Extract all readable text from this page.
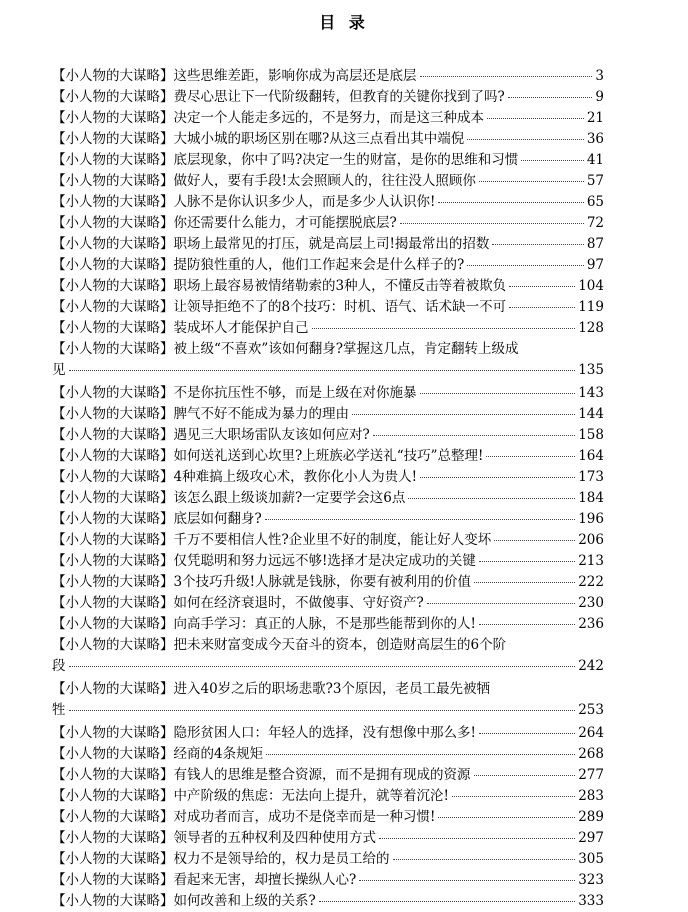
目 录
【小人物的大谋略】这些思维差距，影响你成为高层还是底层	3
【小人物的大谋略】费尽心思让下一代阶级翻转，但教育的关键你找到了吗?	9
【小人物的大谋略】决定一个人能走多远的，不是努力，而是这三种成本	21
【小人物的大谋略】大城小城的职场区别在哪?从这三点看出其中端倪	36
【小人物的大谋略】底层现象，你中了吗?决定一生的财富，是你的思维和习惯	41
【小人物的大谋略】做好人，要有手段!太会照顾人的，往往没人照顾你	57
【小人物的大谋略】人脉不是你认识多少人，而是多少人认识你!	65
【小人物的大谋略】你还需要什么能力，才可能摆脱底层?	72
【小人物的大谋略】职场上最常见的打压，就是高层上司!揭最常出的招数	87
【小人物的大谋略】提防狼性重的人，他们工作起来会是什么样子的?	97
【小人物的大谋略】职场上最容易被情绪勒索的3种人，不懂反击等着被欺负	104
【小人物的大谋略】让领导拒绝不了的8个技巧：时机、语气、话术缺一不可	119
【小人物的大谋略】装成坏人才能保护自己	128
【小人物的大谋略】被上级“不喜欢”该如何翻身?掌握这几点，肯定翻转上级成
见	135
【小人物的大谋略】不是你抗压性不够，而是上级在对你施暴	143
【小人物的大谋略】脾气不好不能成为暴力的理由	144
【小人物的大谋略】遇见三大职场雷队友该如何应对?	158
【小人物的大谋略】如何送礼送到心坎里?上班族必学送礼“技巧”总整理!	164
【小人物的大谋略】4种难搞上级攻心术，教你化小人为贵人!	173
【小人物的大谋略】该怎么跟上级谈加薪?一定要学会这6点	184
【小人物的大谋略】底层如何翻身?	196
【小人物的大谋略】千万不要相信人性?企业里不好的制度，能让好人变坏	206
【小人物的大谋略】仅凭聪明和努力远远不够!选择才是决定成功的关键	213
【小人物的大谋略】3个技巧升级!人脉就是钱脉，你要有被利用的价值	222
【小人物的大谋略】如何在经济衰退时，不做傻事、守好资产?	230
【小人物的大谋略】向高手学习：真正的人脉，不是那些能帮到你的人!	236
【小人物的大谋略】把未来财富变成今天奋斗的资本，创造财高层生的6个阶
段	242
【小人物的大谋略】进入40岁之后的职场悲歌?3个原因，老员工最先被牺
牲	253
【小人物的大谋略】隐形贫困人口：年轻人的选择，没有想像中那么多!	264
【小人物的大谋略】经商的4条规矩	268
【小人物的大谋略】有钱人的思维是整合资源，而不是拥有现成的资源	277
【小人物的大谋略】中产阶级的焦虑：无法向上提升，就等着沉沦!	283
【小人物的大谋略】对成功者而言，成功不是侥幸而是一种习惯!	289
【小人物的大谋略】领导者的五种权利及四种使用方式	297
【小人物的大谋略】权力不是领导给的，权力是员工给的	305
【小人物的大谋略】看起来无害，却擅长操纵人心?	323
【小人物的大谋略】如何改善和上级的关系?	333
